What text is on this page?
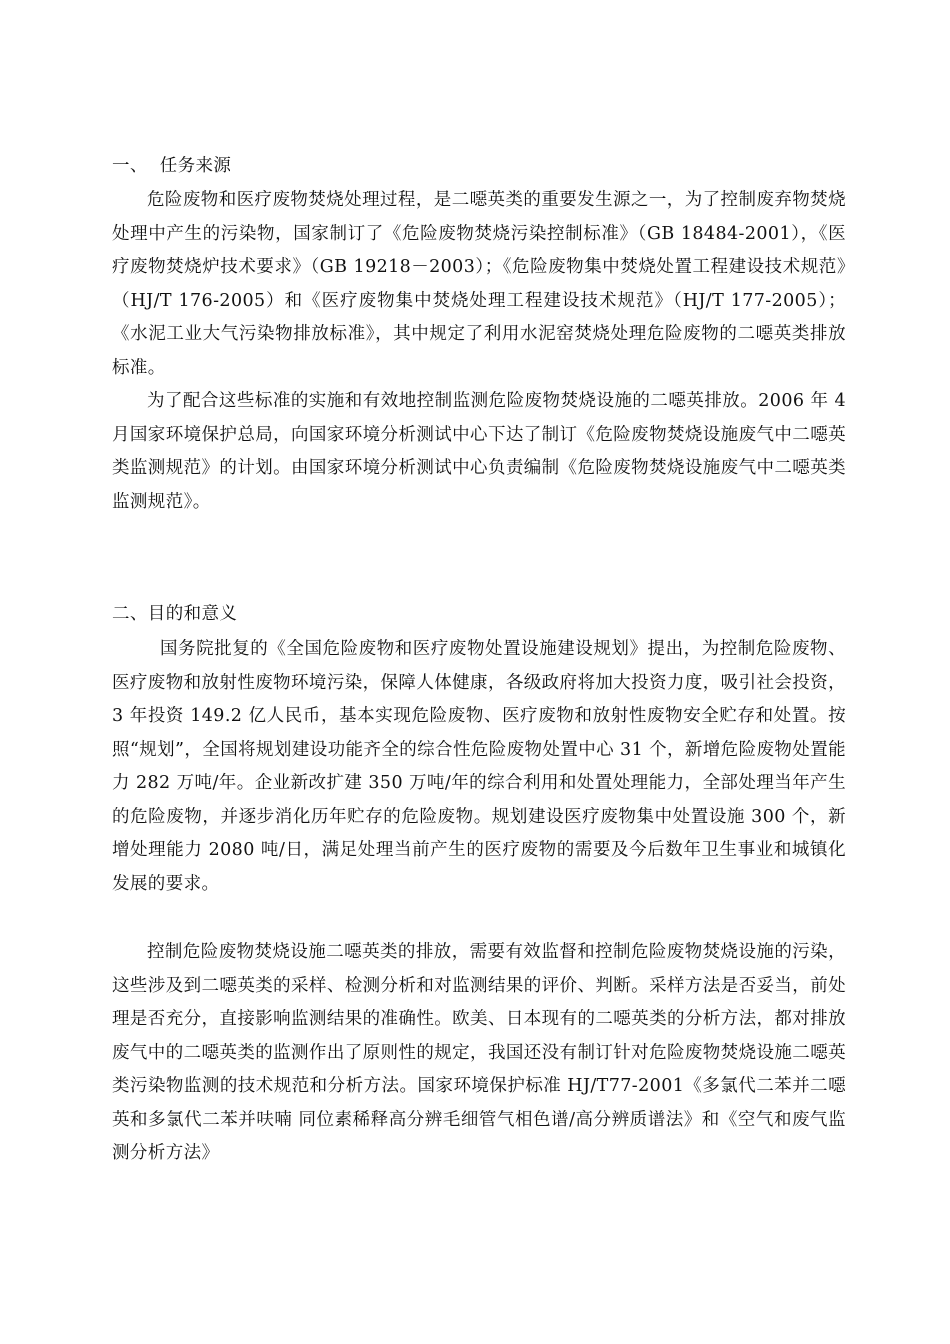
一、  任务来源

危险废物和医疗废物焚烧处理过程，是二噁英类的重要发生源之一，为了控制废弃物焚烧处理中产生的污染物，国家制订了《危险废物焚烧污染控制标准》（GB 18484-2001），《医疗废物焚烧炉技术要求》（GB 19218－2003）；《危险废物集中焚烧处置工程建设技术规范》（HJ/T 176-2005）和《医疗废物集中焚烧处理工程建设技术规范》（HJ/T 177-2005）；《水泥工业大气污染物排放标准》，其中规定了利用水泥窑焚烧处理危险废物的二噁英类排放标准。

为了配合这些标准的实施和有效地控制监测危险废物焚烧设施的二噁英排放。2006 年 4 月国家环境保护总局，向国家环境分析测试中心下达了制订《危险废物焚烧设施废气中二噁英类监测规范》的计划。由国家环境分析测试中心负责编制《危险废物焚烧设施废气中二噁英类监测规范》。

二、目的和意义

国务院批复的《全国危险废物和医疗废物处置设施建设规划》提出，为控制危险废物、医疗废物和放射性废物环境污染，保障人体健康，各级政府将加大投资力度，吸引社会投资，3 年投资 149.2 亿人民币，基本实现危险废物、医疗废物和放射性废物安全贮存和处置。按照“规划”，全国将规划建设功能齐全的综合性危险废物处置中心 31 个，新增危险废物处置能力 282 万吨/年。企业新改扩建 350 万吨/年的综合利用和处置处理能力，全部处理当年产生的危险废物，并逐步消化历年贮存的危险废物。规划建设医疗废物集中处置设施 300 个，新增处理能力 2080 吨/日，满足处理当前产生的医疗废物的需要及今后数年卫生事业和城镇化发展的要求。

控制危险废物焚烧设施二噁英类的排放，需要有效监督和控制危险废物焚烧设施的污染，这些涉及到二噁英类的采样、检测分析和对监测结果的评价、判断。采样方法是否妥当，前处理是否充分，直接影响监测结果的准确性。欧美、日本现有的二噁英类的分析方法，都对排放废气中的二噁英类的监测作出了原则性的规定，我国还没有制订针对危险废物焚烧设施二噁英类污染物监测的技术规范和分析方法。国家环境保护标准 HJ/T77-2001《多氯代二苯并二噁英和多氯代二苯并呋喃 同位素稀释高分辨毛细管气相色谱/高分辨质谱法》和《空气和废气监测分析方法》
